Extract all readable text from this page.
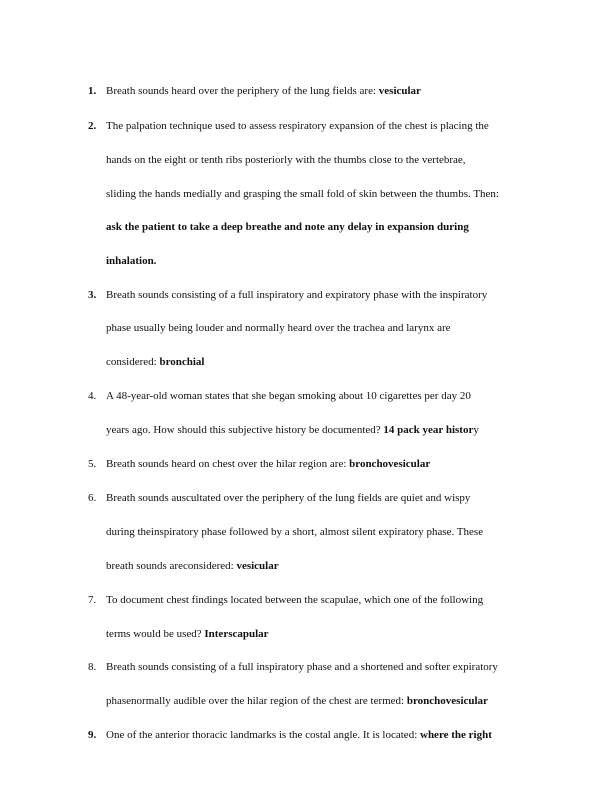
1. Breath sounds heard over the periphery of the lung fields are: vesicular
2. The palpation technique used to assess respiratory expansion of the chest is placing the
hands on the eight or tenth ribs posteriorly with the thumbs close to the vertebrae,
sliding the hands medially and grasping the small fold of skin between the thumbs. Then:
ask the patient to take a deep breathe and note any delay in expansion during
inhalation.
3. Breath sounds consisting of a full inspiratory and expiratory phase with the inspiratory
phase usually being louder and normally heard over the trachea and larynx are
considered: bronchial
4. A 48-year-old woman states that she began smoking about 10 cigarettes per day 20
years ago. How should this subjective history be documented? 14 pack year history
5. Breath sounds heard on chest over the hilar region are: bronchovesicular
6. Breath sounds auscultated over the periphery of the lung fields are quiet and wispy
during theinspiratory phase followed by a short, almost silent expiratory phase. These
breath sounds areconsidered: vesicular
7. To document chest findings located between the scapulae, which one of the following
terms would be used? Interscapular
8. Breath sounds consisting of a full inspiratory phase and a shortened and softer expiratory
phasenormally audible over the hilar region of the chest are termed: bronchovesicular
9. One of the anterior thoracic landmarks is the costal angle. It is located: where the right
